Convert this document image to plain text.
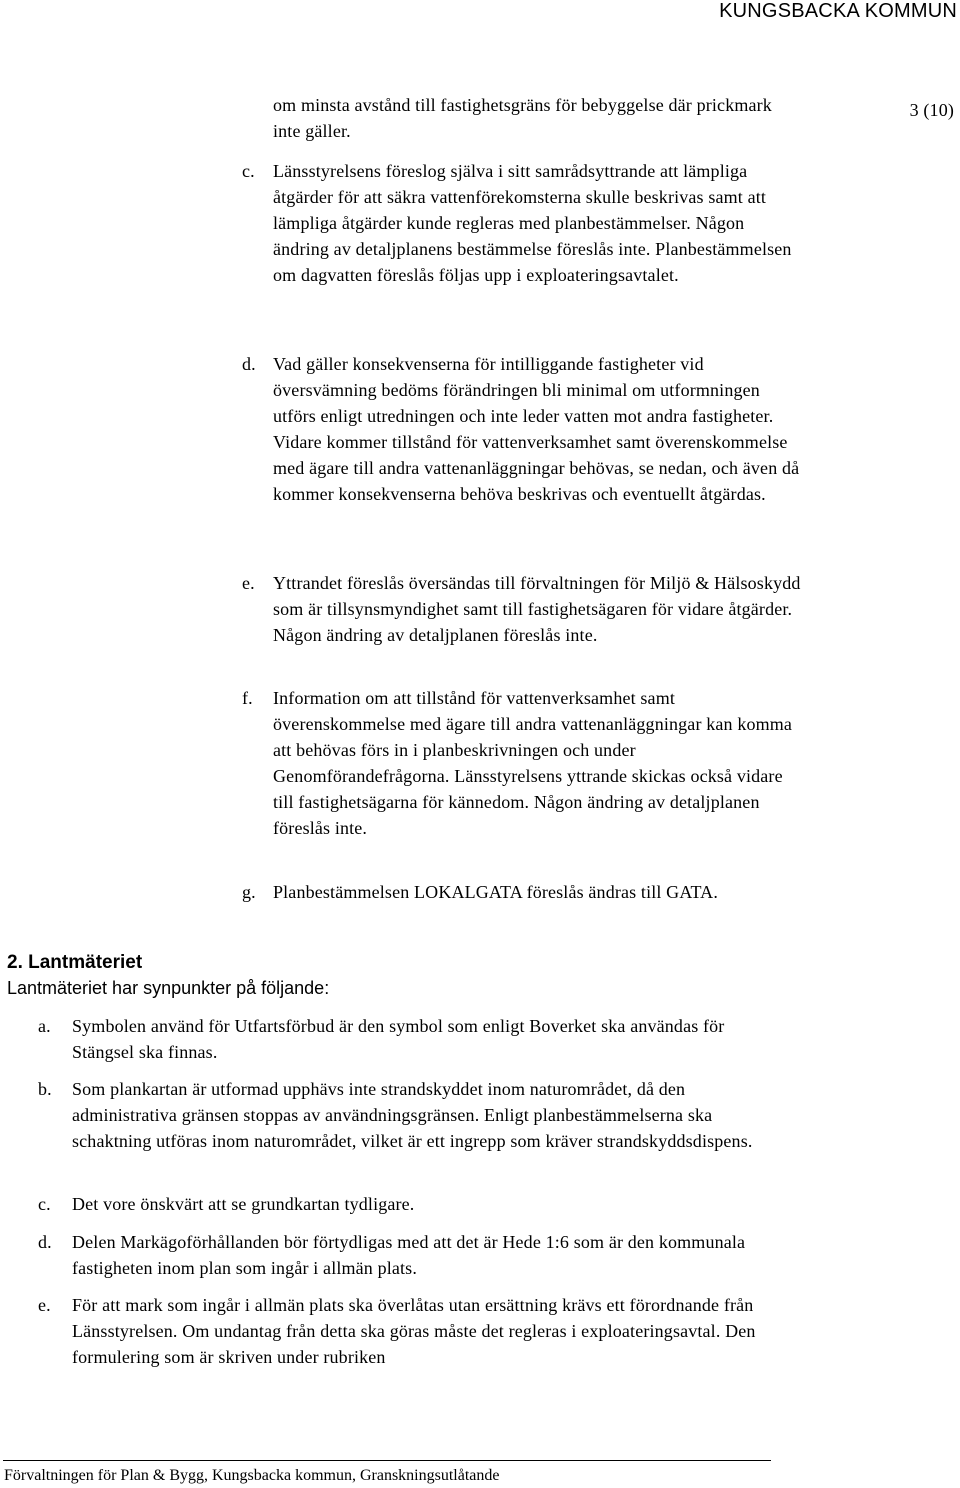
KUNGSBACKA KOMMUN
3 (10)
om minsta avstånd till fastighetsgräns för bebyggelse där prickmark inte gäller.
c.	Länsstyrelsens föreslog själva i sitt samrådsyttrande att lämpliga åtgärder för att säkra vattenförekomsterna skulle beskrivas samt att lämpliga åtgärder kunde regleras med planbestämmelser. Någon ändring av detaljplanens bestämmelse föreslås inte. Planbestämmelsen om dagvatten föreslås följas upp i exploateringsavtalet.
d. Vad gäller konsekvenserna för intilliggande fastigheter vid översvämning bedöms förändringen bli minimal om utformningen utförs enligt utredningen och inte leder vatten mot andra fastigheter. Vidare kommer tillstånd för vattenverksamhet samt överenskommelse med ägare till andra vattenanläggningar behövas, se nedan, och även då kommer konsekvenserna behöva beskrivas och eventuellt åtgärdas.
e.	Yttrandet föreslås översändas till förvaltningen för Miljö & Hälsoskydd som är tillsynsmyndighet samt till fastighetsägaren för vidare åtgärder. Någon ändring av detaljplanen föreslås inte.
f.	Information om att tillstånd för vattenverksamhet samt överenskommelse med ägare till andra vattenanläggningar kan komma att behövas förs in i planbeskrivningen och under Genomförandefrågorna. Länsstyrelsens yttrande skickas också vidare till fastighetsägarna för kännedom. Någon ändring av detaljplanen föreslås inte.
g. Planbestämmelsen LOKALGATA föreslås ändras till GATA.
2. Lantmäteriet
Lantmäteriet har synpunkter på följande:
a.	Symbolen använd för Utfartsförbud är den symbol som enligt Boverket ska användas för Stängsel ska finnas.
b.	Som plankartan är utformad upphävs inte strandskyddet inom naturområdet, då den administrativa gränsen stoppas av användningsgränsen. Enligt planbestämmelserna ska schaktning utföras inom naturområdet, vilket är ett ingrepp som kräver strandskyddsdispens.
c.	Det vore önskvärt att se grundkartan tydligare.
d.	Delen Markägoförhållanden bör förtydligas med att det är Hede 1:6 som är den kommunala fastigheten inom plan som ingår i allmän plats.
e.	För att mark som ingår i allmän plats ska överlåtas utan ersättning krävs ett förordnande från Länsstyrelsen. Om undantag från detta ska göras måste det regleras i exploateringsavtal. Den formulering som är skriven under rubriken
Förvaltningen för Plan & Bygg, Kungsbacka kommun, Granskningsutlåtande
